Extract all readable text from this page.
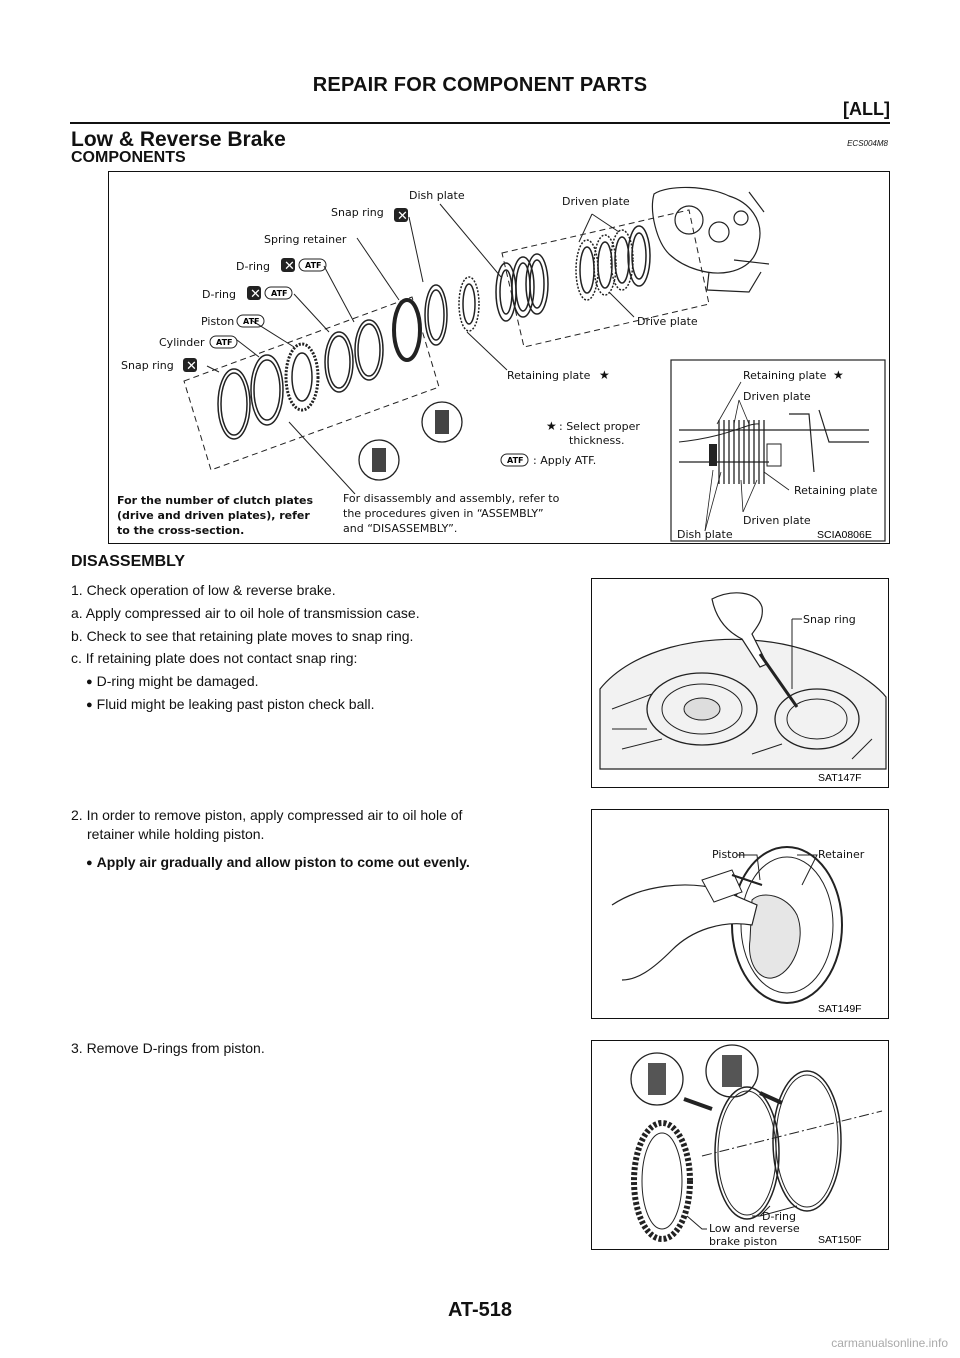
REPAIR FOR COMPONENT PARTS
[ALL]
Low & Reverse Brake	ECS004M8
COMPONENTS
Dish plate
Snap ring
Driven plate
Spring retainer
D-ring
D-ring
Piston
Cylinder
Snap ring
Drive plate
Retaining plate ★
✕
✕
✕
✕
ATF
ATF
ATF
ATF
ATF
★ : Select proper
thickness.
: Apply ATF.
For the number of clutch plates
(drive and driven plates), refer
to the cross-section.
For disassembly and assembly, refer to
the procedures given in “ASSEMBLY”
and “DISASSEMBLY”.
Retaining plate ★
Driven plate
Retaining plate
Driven plate
Dish plate	SCIA0806E
DISASSEMBLY
1. Check operation of low & reverse brake.
a. Apply compressed air to oil hole of transmission case.
b. Check to see that retaining plate moves to snap ring.
c. If retaining plate does not contact snap ring:
● D-ring might be damaged.
● Fluid might be leaking past piston check ball.
Snap ring
SAT147F
2. In order to remove piston, apply compressed air to oil hole of
retainer while holding piston.
● Apply air gradually and allow piston to come out evenly.	Piston	Retainer
SAT149F
3. Remove D-rings from piston.
D-ring
Low and reverse
brake piston	SAT150F
AT-518
carmanualsonline.info
